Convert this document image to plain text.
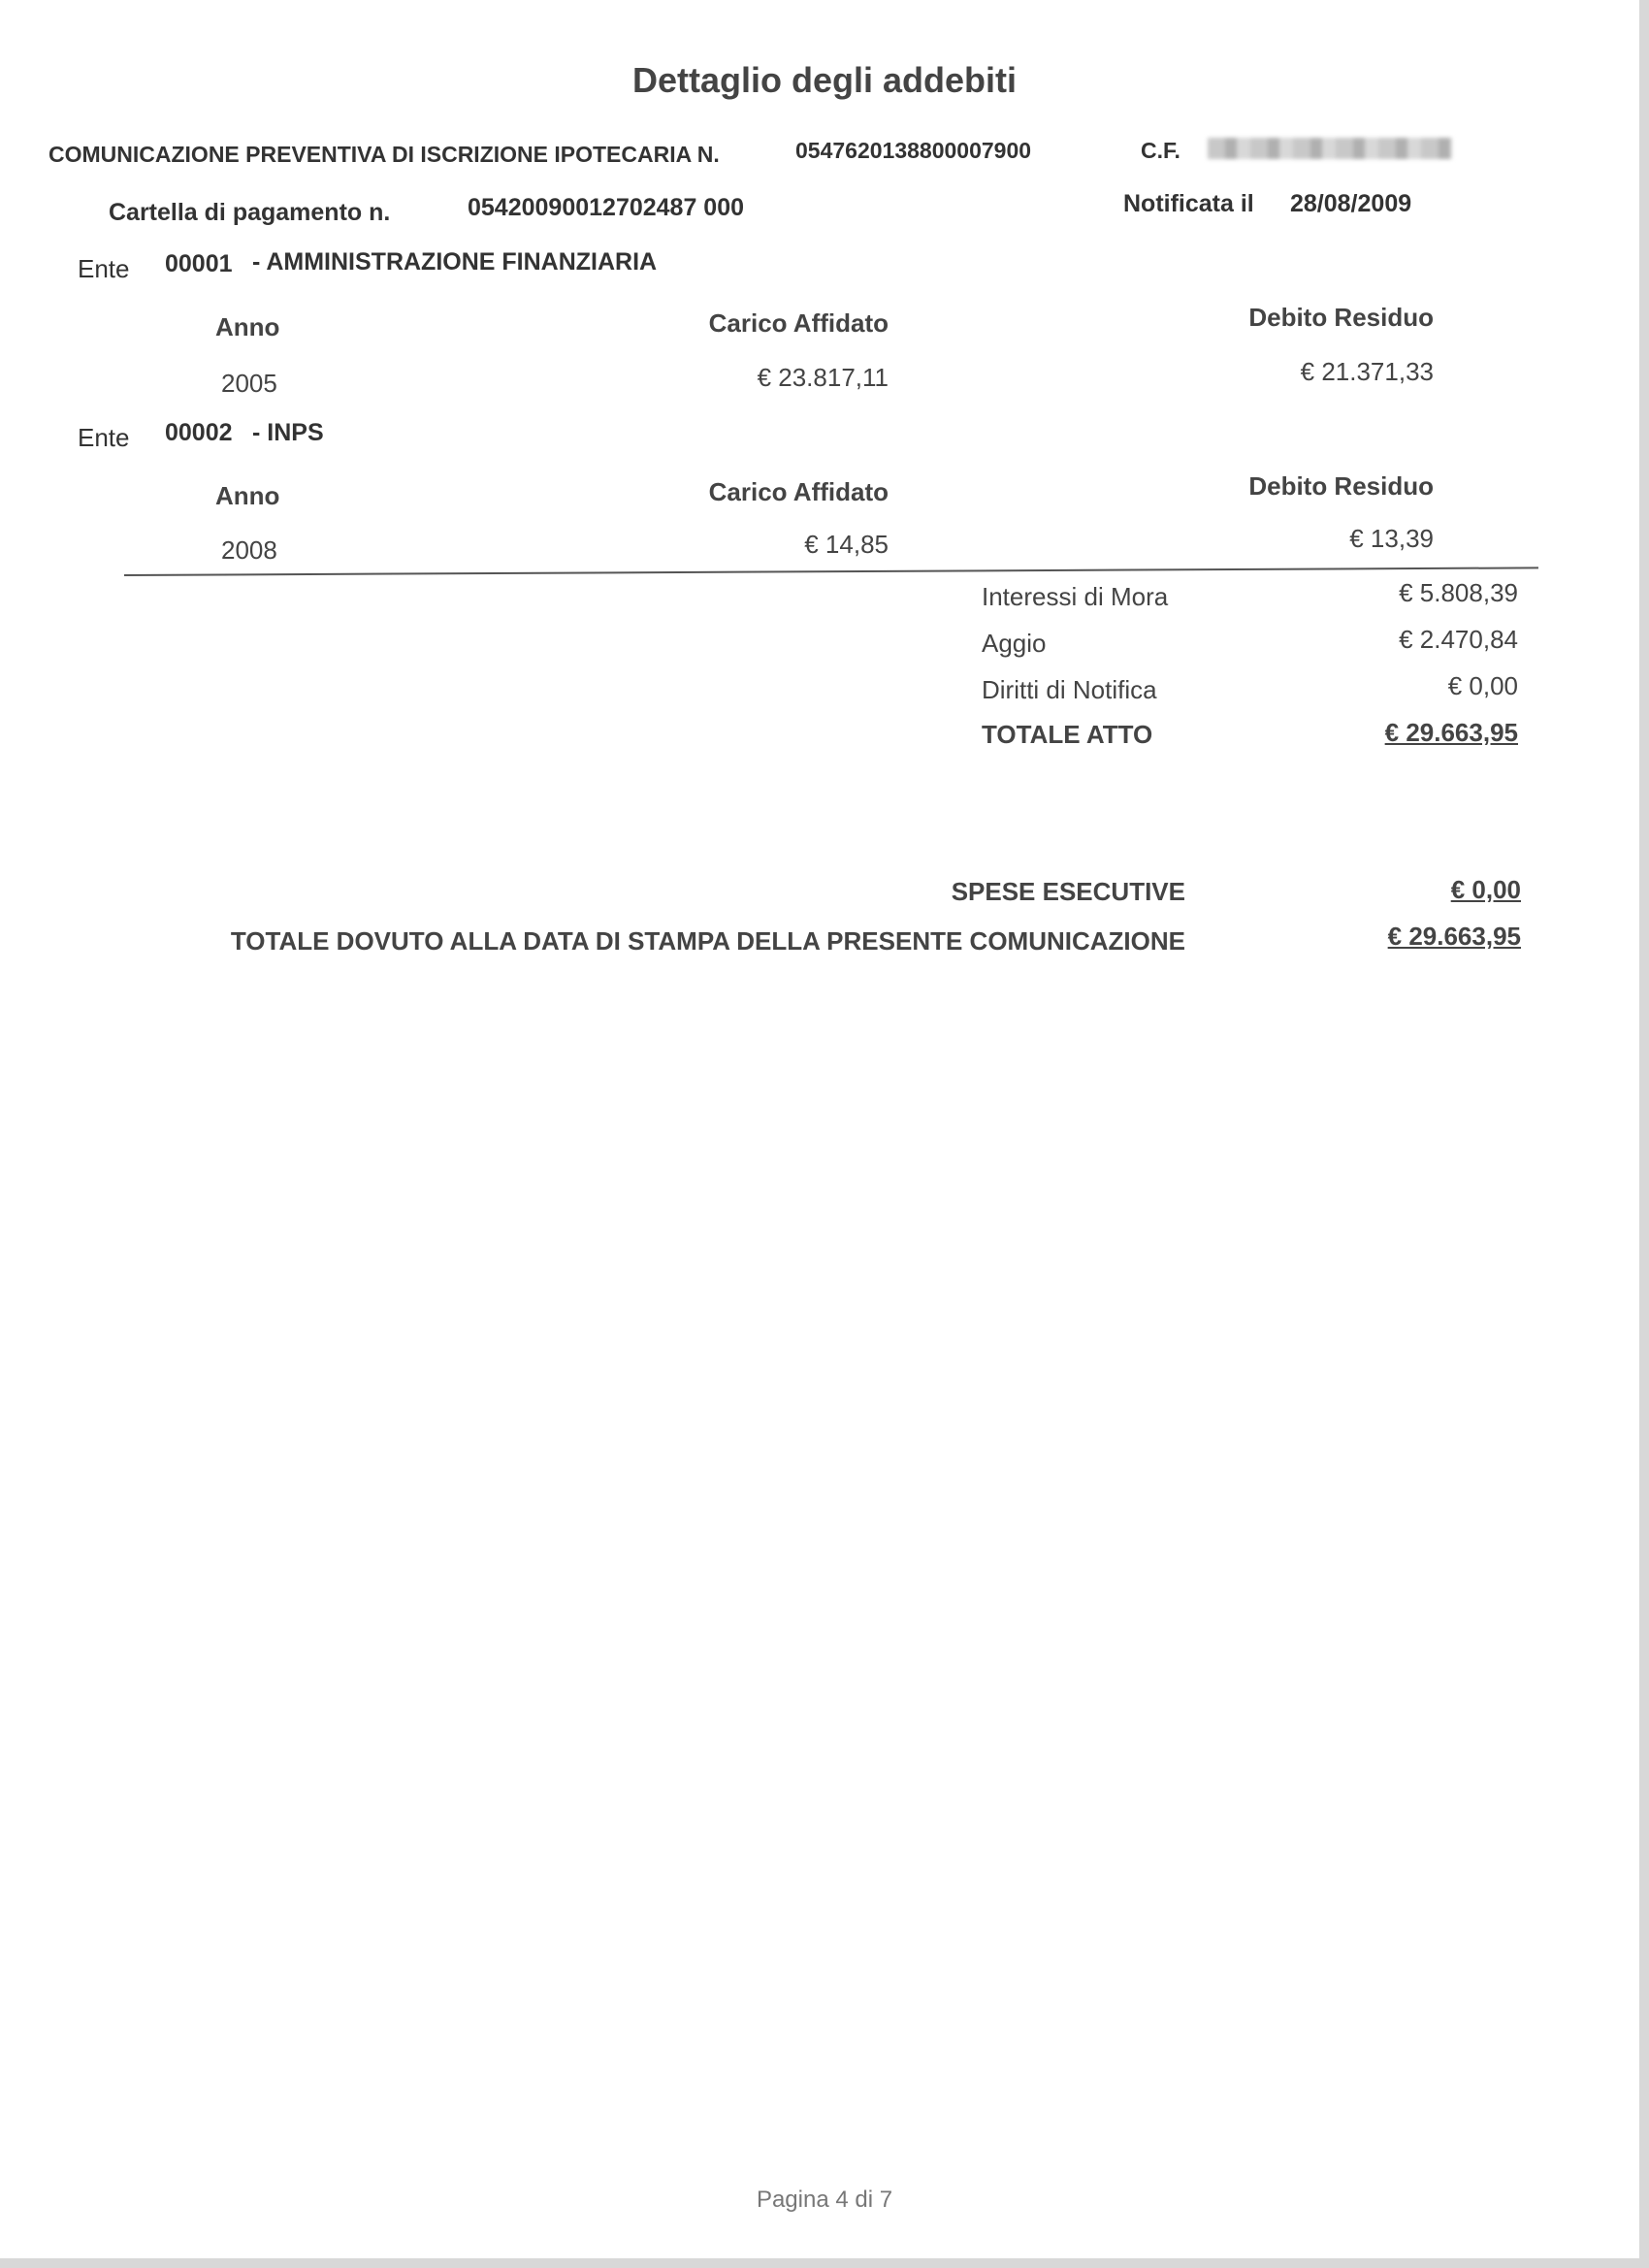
Dettaglio degli addebiti
COMUNICAZIONE PREVENTIVA DI ISCRIZIONE IPOTECARIA N.	0547620138800007900	C.F.
Cartella di pagamento n.	05420090012702487 000	Notificata il 28/08/2009
Ente 00001 - AMMINISTRAZIONE FINANZIARIA
Anno	Carico Affidato	Debito Residuo
2005	€ 23.817,11	€ 21.371,33
Ente 00002 - INPS
Anno	Carico Affidato	Debito Residuo
2008	€ 14,85	€ 13,39
Interessi di Mora	€ 5.808,39
Aggio	€ 2.470,84
Diritti di Notifica	€ 0,00
TOTALE ATTO	€ 29.663,95
SPESE ESECUTIVE	€ 0,00
TOTALE DOVUTO ALLA DATA DI STAMPA DELLA PRESENTE COMUNICAZIONE	€ 29.663,95
Pagina 4 di 7
